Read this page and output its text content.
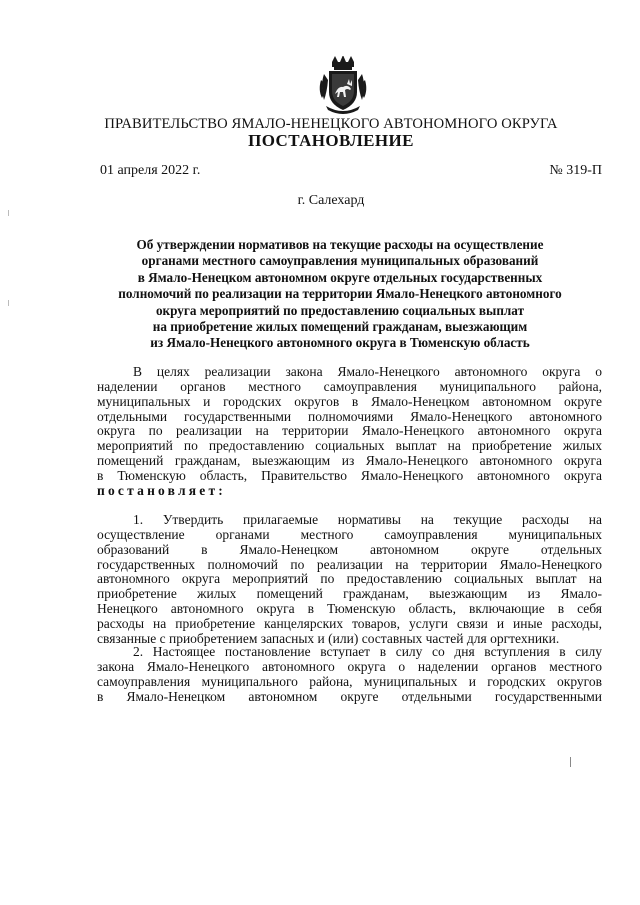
ПРАВИТЕЛЬСТВО ЯМАЛО-НЕНЕЦКОГО АВТОНОМНОГО ОКРУГА
ПОСТАНОВЛЕНИЕ
01 апреля 2022 г.	№ 319-П
г. Салехард
Об утверждении нормативов на текущие расходы на осуществление
органами местного самоуправления муниципальных образований
в Ямало-Ненецком автономном округе отдельных государственных
полномочий по реализации на территории Ямало-Ненецкого автономного
округа мероприятий по предоставлению социальных выплат
на приобретение жилых помещений гражданам, выезжающим
из Ямало-Ненецкого автономного округа в Тюменскую область
В целях реализации закона Ямало-Ненецкого автономного округа о
наделении органов местного самоуправления муниципального района,
муниципальных и городских округов в Ямало-Ненецком автономном округе
отдельными государственными полномочиями Ямало-Ненецкого автономного
округа по реализации на территории Ямало-Ненецкого автономного округа
мероприятий по предоставлению социальных выплат на приобретение жилых
помещений гражданам, выезжающим из Ямало-Ненецкого автономного округа
в Тюменскую область, Правительство Ямало-Ненецкого автономного округа
постановляет:
1. Утвердить прилагаемые нормативы на текущие расходы на
осуществление органами местного самоуправления муниципальных
образований в Ямало-Ненецком автономном округе отдельных
государственных полномочий по реализации на территории Ямало-Ненецкого
автономного округа мероприятий по предоставлению социальных выплат на
приобретение жилых помещений гражданам, выезжающим из Ямало-
Ненецкого автономного округа в Тюменскую область, включающие в себя
расходы на приобретение канцелярских товаров, услуги связи и иные расходы,
связанные с приобретением запасных и (или) составных частей для оргтехники.
2. Настоящее постановление вступает в силу со дня вступления в силу
закона Ямало-Ненецкого автономного округа о наделении органов местного
самоуправления муниципального района, муниципальных и городских округов
в Ямало-Ненецком автономном округе отдельными государственными
